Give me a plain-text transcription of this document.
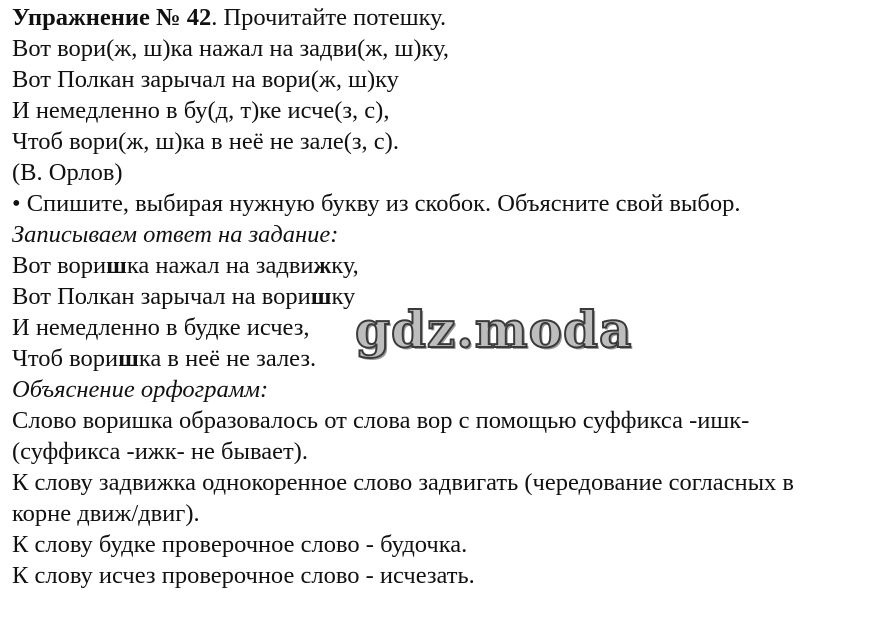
Упражнение № 42. Прочитайте потешку.
Вот вори(ж, ш)ка нажал на задви(ж, ш)ку,
Вот Полкан зарычал на вори(ж, ш)ку
И немедленно в бу(д, т)ке исче(з, с),
Чтоб вори(ж, ш)ка в неё не зале(з, с).
(В. Орлов)
• Спишите, выбирая нужную букву из скобок. Объясните свой выбор.
Записываем ответ на задание:
Вот воришка нажал на задвижку,
Вот Полкан зарычал на воришку
И немедленно в будке исчез,
Чтоб воришка в неё не залез.
Объяснение орфограмм:
Слово воришка образовалось от слова вор с помощью суффикса -ишк-
(суффикса -ижк- не бывает).
К слову задвижка однокоренное слово задвигать (чередование согласных в
корне движ/двиг).
К слову будке проверочное слово - будочка.
К слову исчез проверочное слово - исчезать.
gdz.moda
